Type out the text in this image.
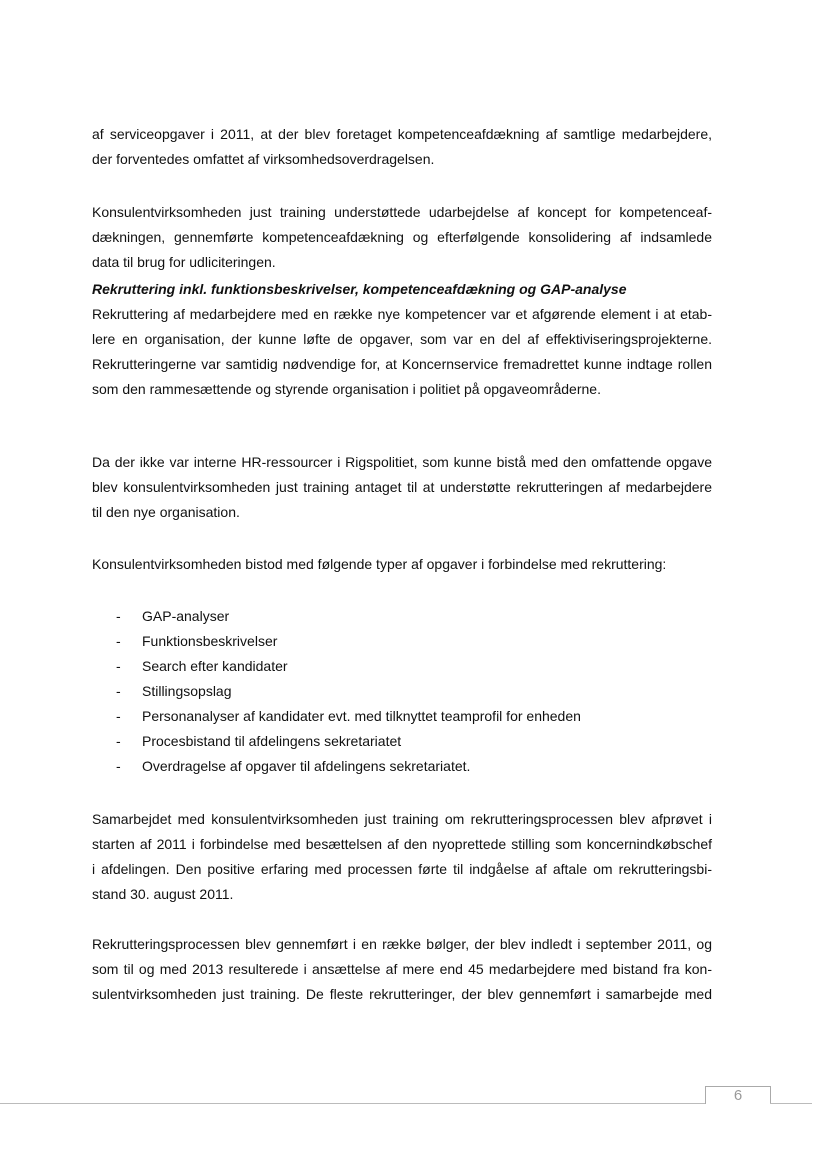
af serviceopgaver i 2011, at der blev foretaget kompetenceafdækning af samtlige medarbejdere,
der forventedes omfattet af virksomhedsoverdragelsen.
Konsulentvirksomheden just training understøttede udarbejdelse af koncept for kompetenceaf-
dækningen, gennemførte kompetenceafdækning og efterfølgende konsolidering af indsamlede
data til brug for udliciteringen.
Rekruttering inkl. funktionsbeskrivelser, kompetenceafdækning og GAP-analyse
Rekruttering af medarbejdere med en række nye kompetencer var et afgørende element i at etab-
lere en organisation, der kunne løfte de opgaver, som var en del af effektiviseringsprojekterne.
Rekrutteringerne var samtidig nødvendige for, at Koncernservice fremadrettet kunne indtage rollen
som den rammesættende og styrende organisation i politiet på opgaveområderne.
Da der ikke var interne HR-ressourcer i Rigspolitiet, som kunne bistå med den omfattende opgave
blev konsulentvirksomheden just training antaget til at understøtte rekrutteringen af medarbejdere
til den nye organisation.
Konsulentvirksomheden bistod med følgende typer af opgaver i forbindelse med rekruttering:
-	GAP-analyser
-	Funktionsbeskrivelser
-	Search efter kandidater
-	Stillingsopslag
-	Personanalyser af kandidater evt. med tilknyttet teamprofil for enheden
-	Procesbistand til afdelingens sekretariatet
-	Overdragelse af opgaver til afdelingens sekretariatet.
Samarbejdet med konsulentvirksomheden just training om rekrutteringsprocessen blev afprøvet i
starten af 2011 i forbindelse med besættelsen af den nyoprettede stilling som koncernindkøbschef
i afdelingen. Den positive erfaring med processen førte til indgåelse af aftale om rekrutteringsbi-
stand 30. august 2011.
Rekrutteringsprocessen blev gennemført i en række bølger, der blev indledt i september 2011, og
som til og med 2013 resulterede i ansættelse af mere end 45 medarbejdere med bistand fra kon-
sulentvirksomheden just training. De fleste rekrutteringer, der blev gennemført i samarbejde med
6
